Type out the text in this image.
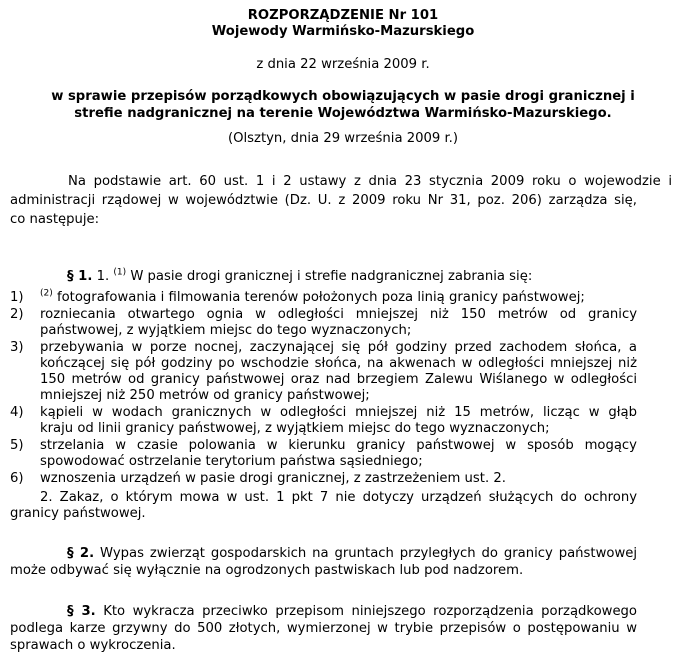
ROZPORZĄDZENIE Nr 101
Wojewody Warmińsko-Mazurskiego
z dnia 22 września 2009 r.
w sprawie przepisów porządkowych obowiązujących w pasie drogi granicznej i
strefie nadgranicznej na terenie Województwa Warmińsko-Mazurskiego.
(Olsztyn, dnia 29 września 2009 r.)
Na podstawie art. 60 ust. 1 i 2 ustawy z dnia 23 stycznia 2009 roku o wojewodzie i
administracji rządowej w województwie (Dz. U. z 2009 roku Nr 31, poz. 206) zarządza się,
co następuje:
§ 1. 1. $^{(1)}$ W pasie drogi granicznej i strefie nadgranicznej zabrania się:
1) $^{(2)}$ fotografowania i filmowania terenów położonych poza linią granicy państwowej;
2) rozniecania otwartego ognia w odległości mniejszej niż 150 metrów od granicy
państwowej, z wyjątkiem miejsc do tego wyznaczonych;
3) przebywania w porze nocnej, zaczynającej się pół godziny przed zachodem słońca, a
kończącej się pół godziny po wschodzie słońca, na akwenach w odległości mniejszej niż
150 metrów od granicy państwowej oraz nad brzegiem Zalewu Wiślanego w odległości
mniejszej niż 250 metrów od granicy państwowej;
4) kąpieli w wodach granicznych w odległości mniejszej niż 15 metrów, licząc w głąb
kraju od linii granicy państwowej, z wyjątkiem miejsc do tego wyznaczonych;
5) strzelania w czasie polowania w kierunku granicy państwowej w sposób mogący
spowodować ostrzelanie terytorium państwa sąsiedniego;
6) wznoszenia urządzeń w pasie drogi granicznej, z zastrzeżeniem ust. 2.
2. Zakaz, o którym mowa w ust. 1 pkt 7 nie dotyczy urządzeń służących do ochrony
granicy państwowej.
§ 2. Wypas zwierząt gospodarskich na gruntach przyległych do granicy państwowej
może odbywać się wyłącznie na ogrodzonych pastwiskach lub pod nadzorem.
§ 3. Kto wykracza przeciwko przepisom niniejszego rozporządzenia porządkowego
podlega karze grzywny do 500 złotych, wymierzonej w trybie przepisów o postępowaniu w
sprawach o wykroczenia.
